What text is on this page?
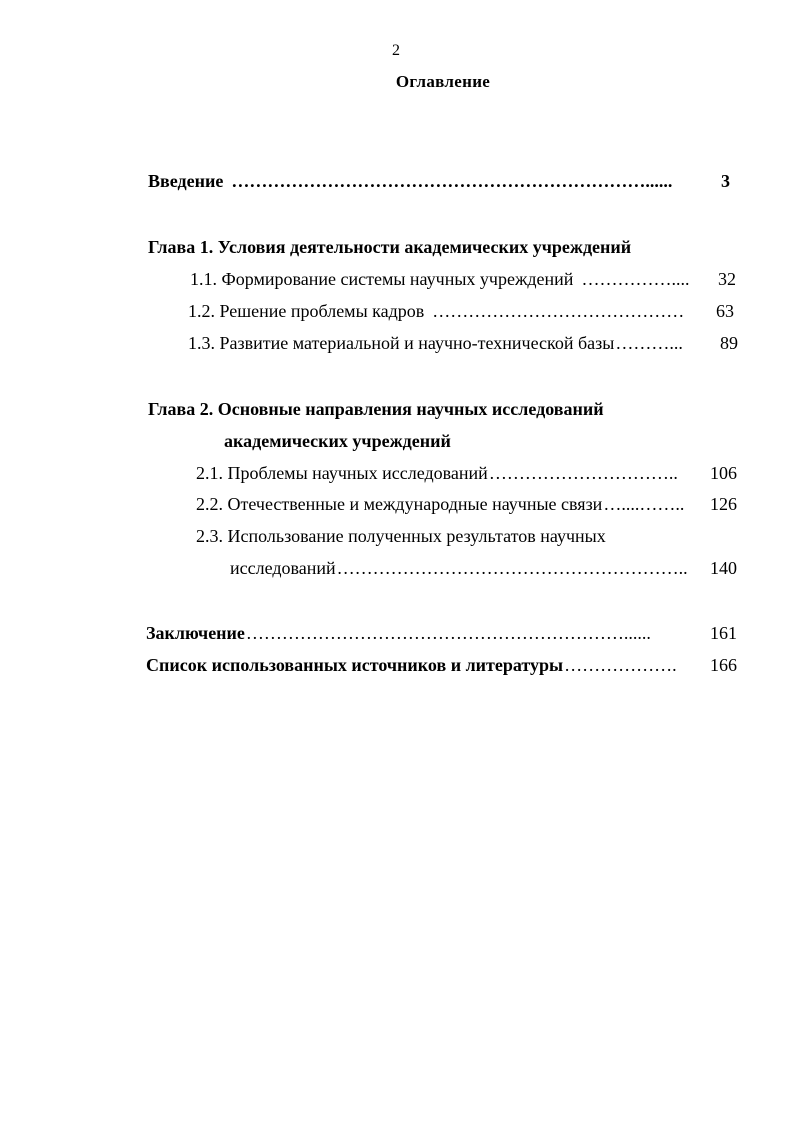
2
Оглавление
Введение ……………………………………………………………......	3
Глава 1. Условия деятельности академических учреждений
1.1. Формирование системы научных учреждений ……………....	32
1.2. Решение проблемы кадров ……………………………………	63
1.3. Развитие материальной и научно-технической базы ………...	89
Глава 2. Основные направления научных исследований
академических учреждений
2.1. Проблемы научных исследований …………………………..	106
2.2. Отечественные и международные научные связи …....……..	126
2.3. Использование полученных результатов научных
исследований …………………………………………………..	140
Заключение ………………………………………………………......	161
Список использованных источников и литературы ……………….	166
